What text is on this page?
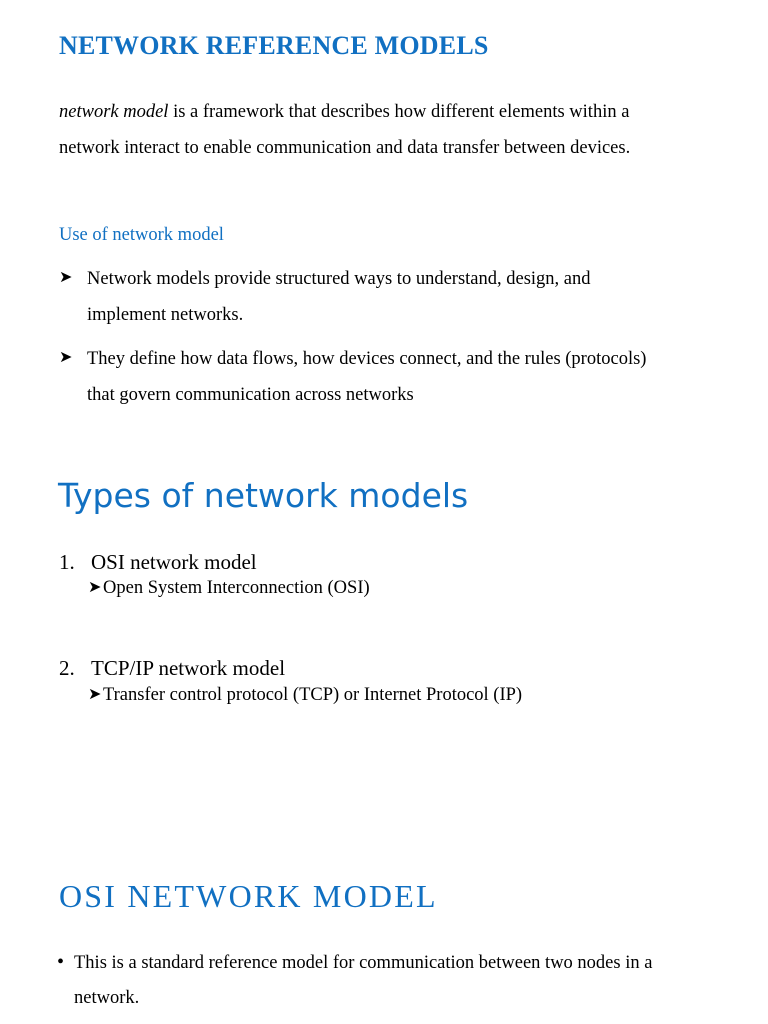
NETWORK REFERENCE MODELS

network model is a framework that describes how different elements within a

network interact to enable communication and data transfer between devices.

Use of network model
➤ Network models provide structured ways to understand, design, and

implement networks.

➤ They define how data flows, how devices connect, and the rules (protocols)

that govern communication across networks

Types of network models
1. OSI network model
➤ Open System Interconnection (OSI)
2. TCP/IP network model
➤ Transfer control protocol (TCP) or Internet Protocol (IP)
OSI NETWORK MODEL
• This is a standard reference model for communication between two nodes in a

network.
